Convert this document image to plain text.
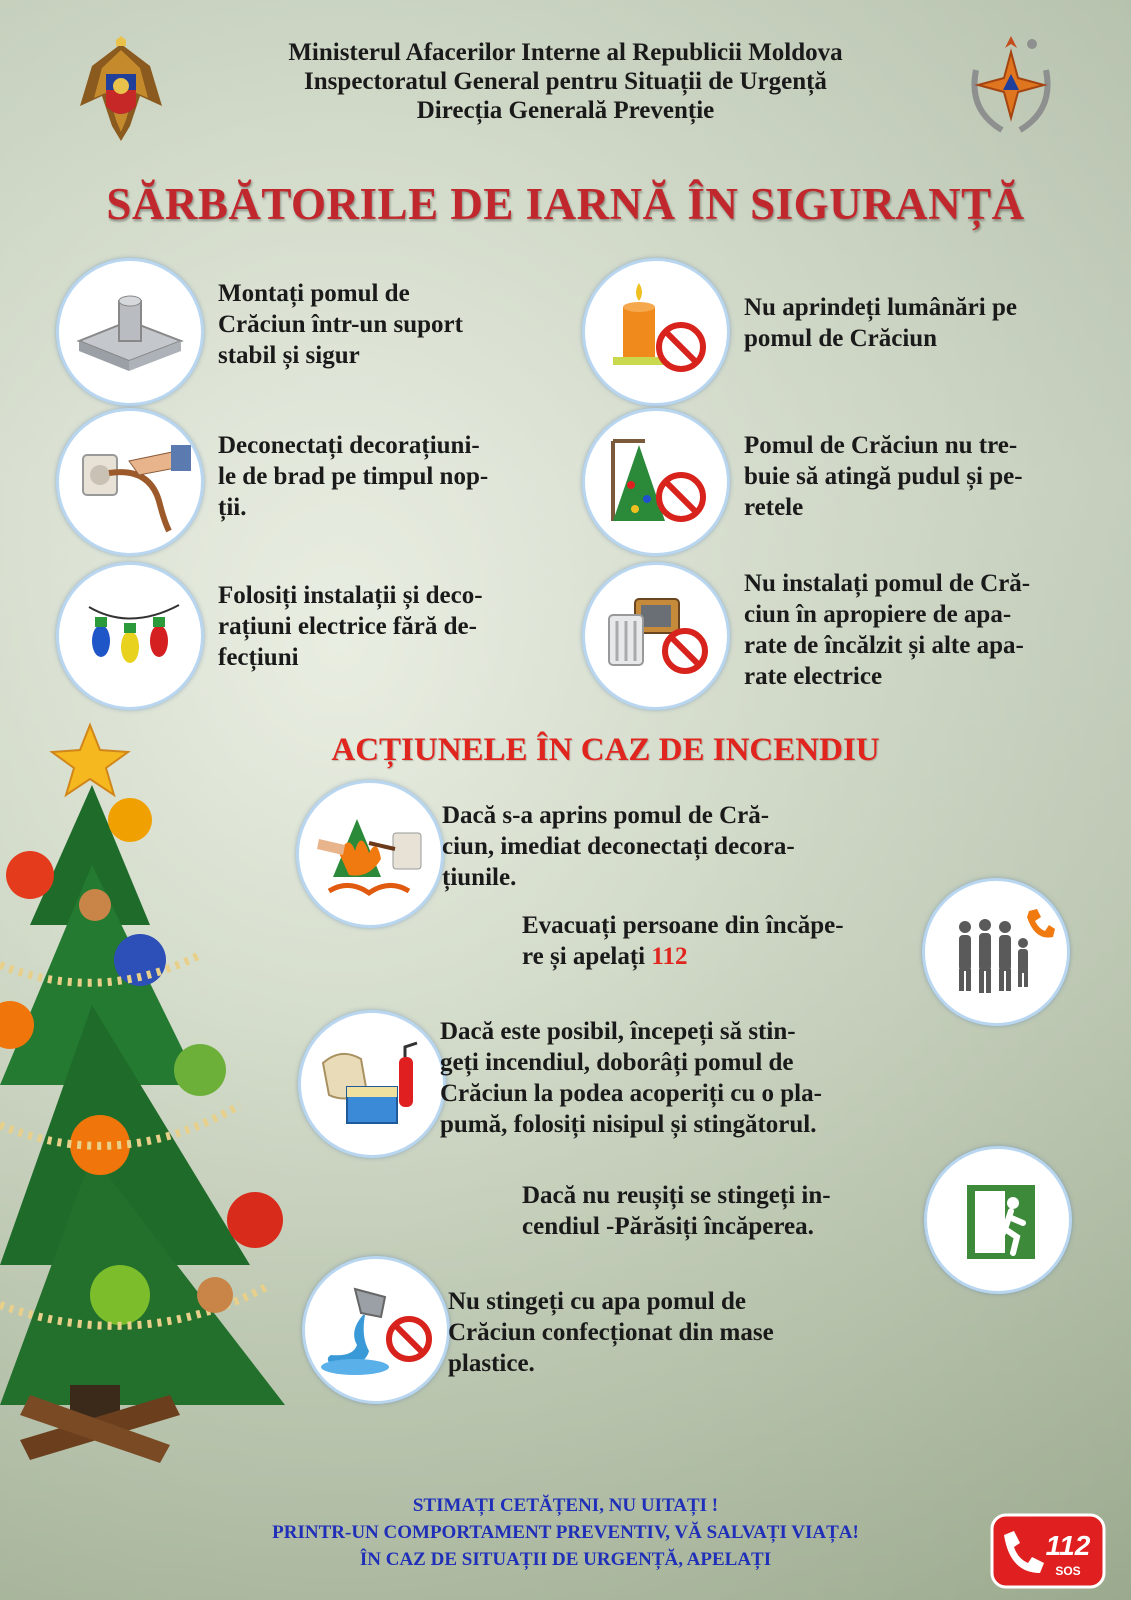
Ministerul Afacerilor Interne al Republicii Moldova
Inspectoratul General pentru Situații de Urgență
Direcția Generală Prevenție
SĂRBĂTORILE DE IARNĂ ÎN SIGURANȚĂ
Montați pomul de
Crăciun într-un suport
stabil și sigur
Deconectați decorațiuni-
le de brad pe timpul nop-
ții.
Folosiți instalații și deco-
rațiuni electrice fără de-
fecțiuni
Nu aprindeți lumânări pe
pomul de Crăciun
Pomul de Crăciun nu tre-
buie să atingă pudul și pe-
retele
Nu instalați pomul de Cră-
ciun în apropiere de apa-
rate de încălzit și alte apa-
rate electrice
ACȚIUNELE ÎN CAZ DE INCENDIU
Dacă s-a aprins pomul de Cră-
ciun, imediat deconectați decora-
țiunile.
Evacuați persoane din încăpe-
re și apelați 112
Dacă este posibil, începeți să stin-
geți incendiul, doborâți pomul de
Crăciun la podea acoperiți cu o pla-
pumă, folosiți nisipul și stingătorul.
Dacă nu reușiți se stingeți in-
cendiul -Părăsiți încăperea.
Nu stingeți cu apa pomul de
Crăciun confecționat din mase
plastice.
STIMAȚI CETĂȚENI, NU UITAȚI !
PRINTR-UN COMPORTAMENT PREVENTIV, VĂ SALVAȚI VIAȚA!
ÎN CAZ DE SITUAȚII DE URGENȚĂ, APELAȚI	112
SOS
